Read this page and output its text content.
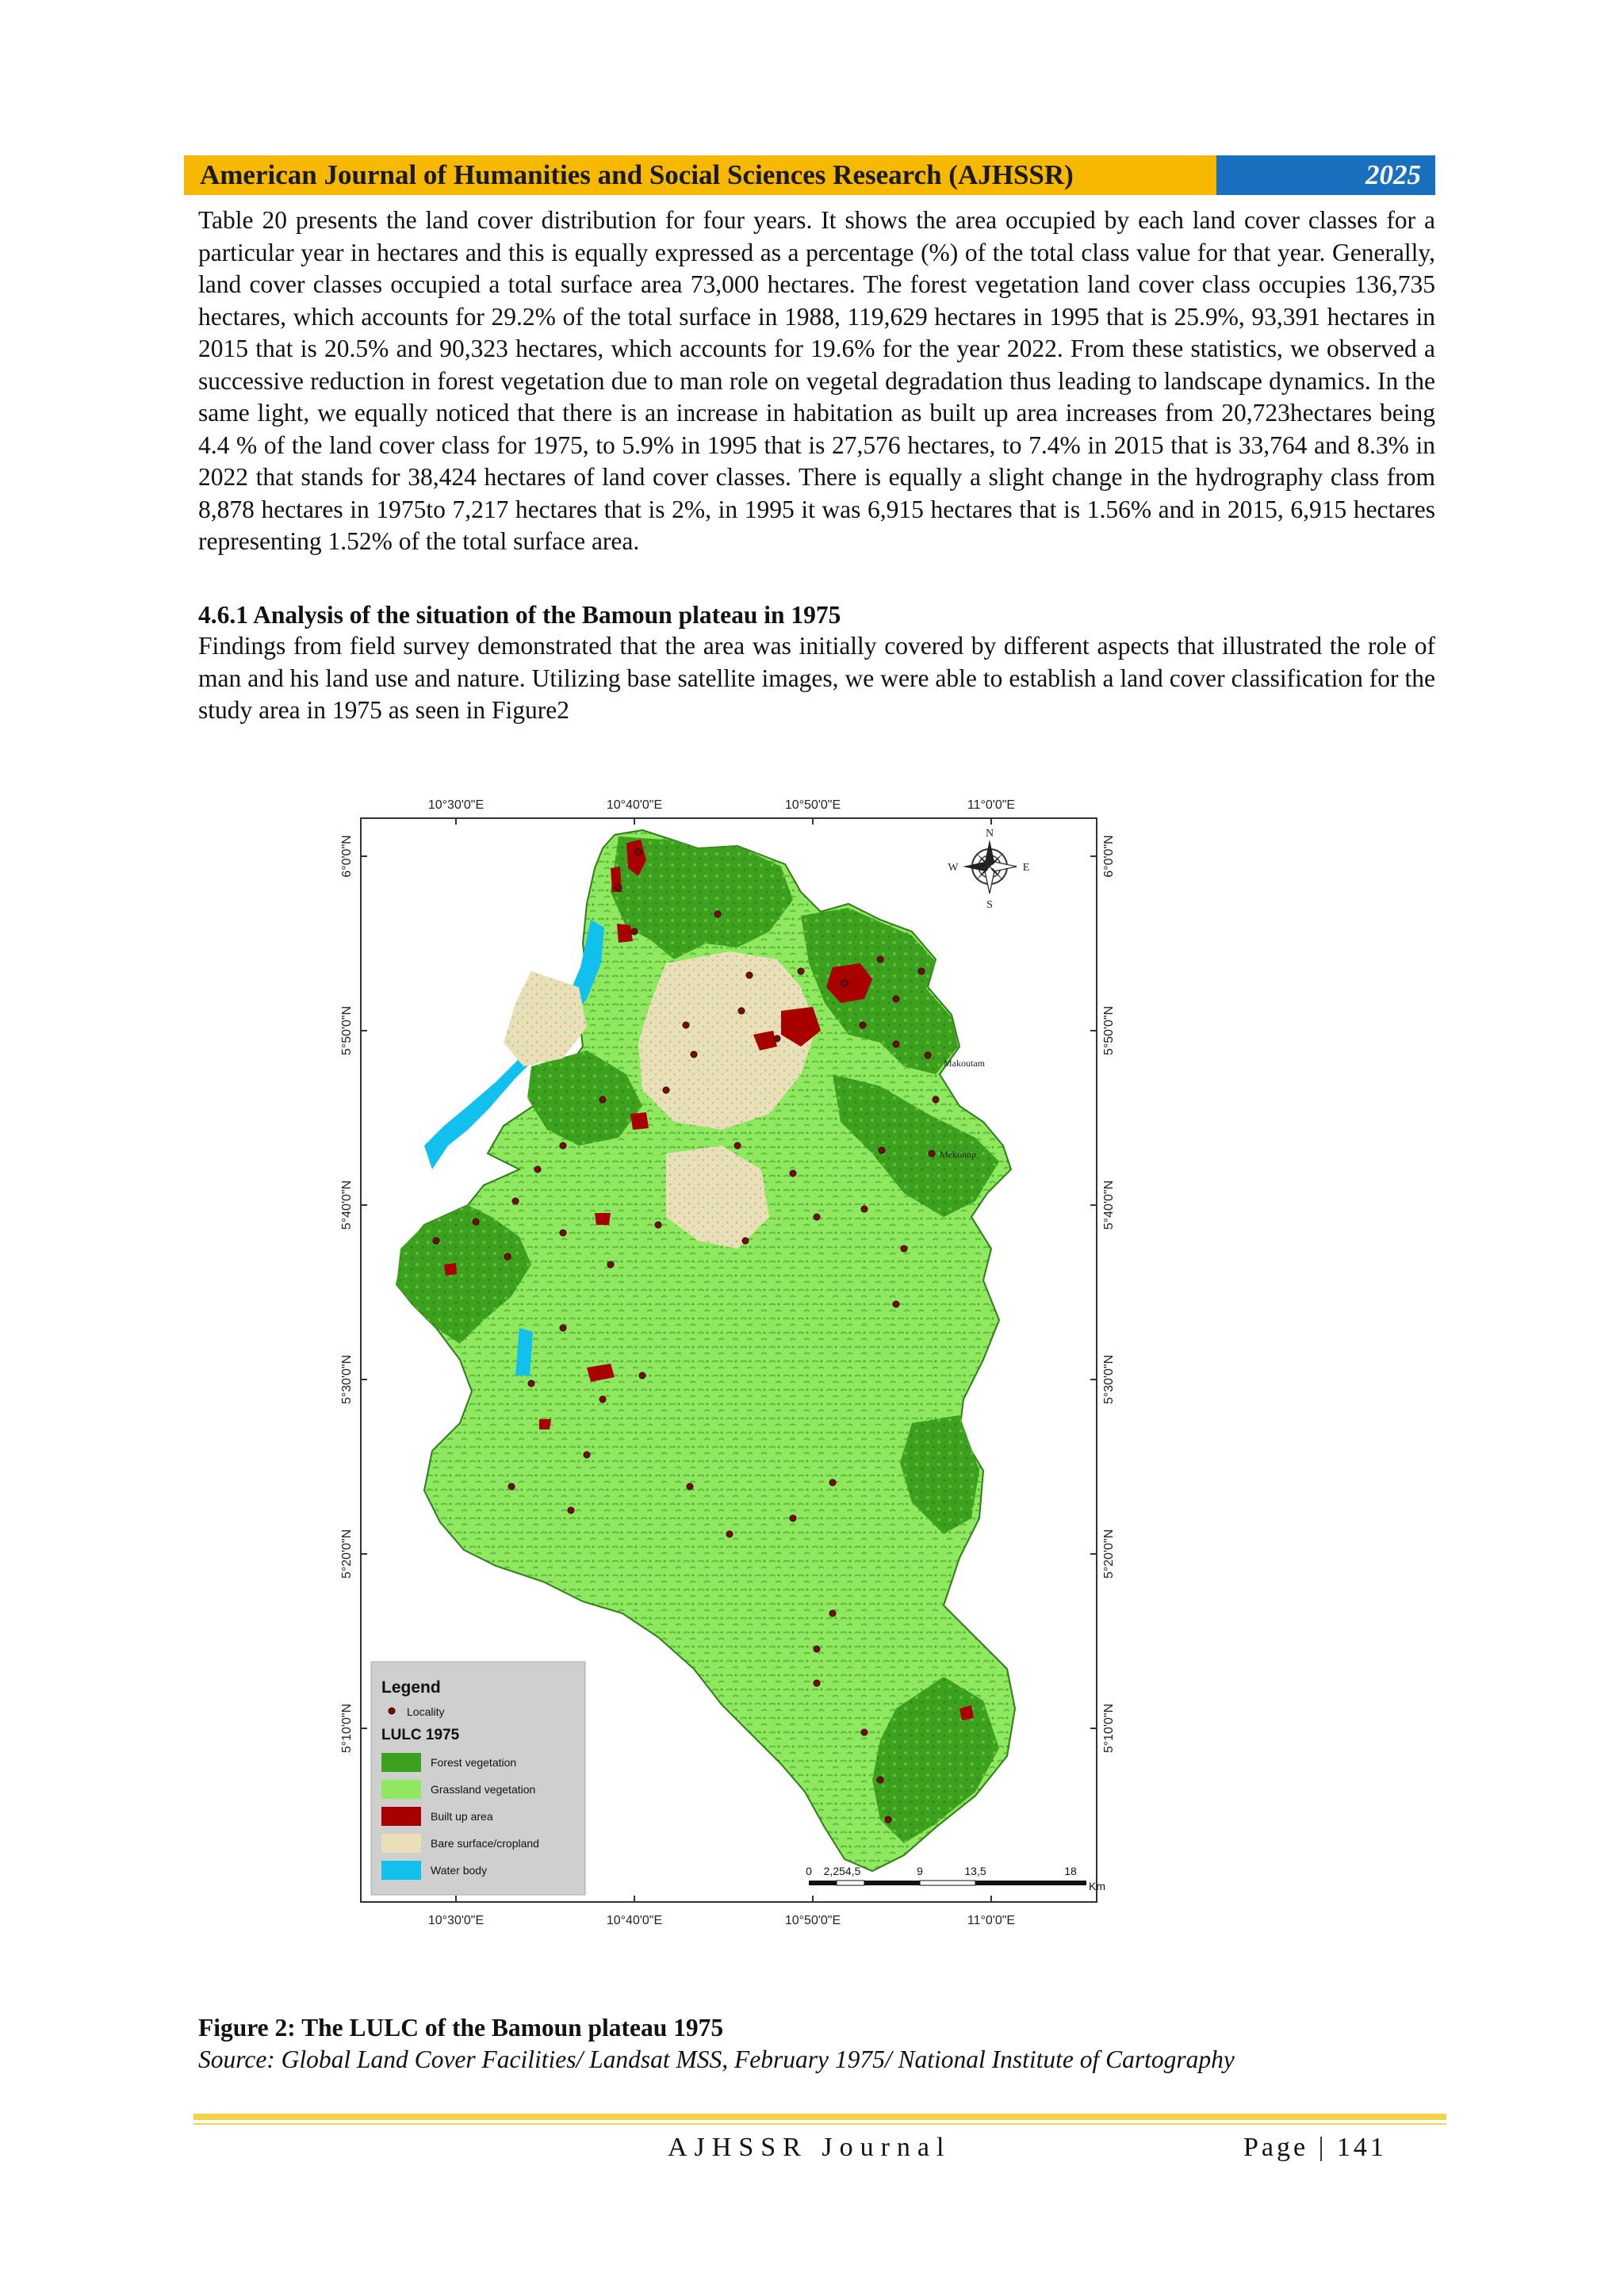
American Journal of Humanities and Social Sciences Research (AJHSSR)	2025
Table 20 presents the land cover distribution for four years. It shows the area occupied by each land cover classes for a particular year in hectares and this is equally expressed as a percentage (%) of the total class value for that year. Generally, land cover classes occupied a total surface area 73,000 hectares. The forest vegetation land cover class occupies 136,735 hectares, which accounts for 29.2% of the total surface in 1988, 119,629 hectares in 1995 that is 25.9%, 93,391 hectares in 2015 that is 20.5% and 90,323 hectares, which accounts for 19.6% for the year 2022. From these statistics, we observed a successive reduction in forest vegetation due to man role on vegetal degradation thus leading to landscape dynamics. In the same light, we equally noticed that there is an increase in habitation as built up area increases from 20,723hectares being 4.4 % of the land cover class for 1975, to 5.9% in 1995 that is 27,576 hectares, to 7.4% in 2015 that is 33,764 and 8.3% in 2022 that stands for 38,424 hectares of land cover classes. There is equally a slight change in the hydrography class from 8,878 hectares in 1975to 7,217 hectares that is 2%, in 1995 it was 6,915 hectares that is 1.56% and in 2015, 6,915 hectares representing 1.52% of the total surface area.
4.6.1 Analysis of the situation of the Bamoun plateau in 1975
Findings from field survey demonstrated that the area was initially covered by different aspects that illustrated the role of man and his land use and nature. Utilizing base satellite images, we were able to establish a land cover classification for the study area in 1975 as seen in Figure2
10°30'0"E	10°40'0"E	10°50'0"E	11°0'0"E
10°30'0"E	10°40'0"E	10°50'0"E	11°0'0"E
6°0'0"N
5°50'0"N
5°40'0"N
5°30'0"N
5°20'0"N
5°10'0"N
6°0'0"N
5°50'0"N
5°40'0"N
5°30'0"N
5°20'0"N
5°10'0"N
Makoutam
Mekonop
N
S
E
W
Legend
Locality
LULC 1975
Forest vegetation
Grassland vegetation
Built up area
Bare surface/cropland
Water body	0 2,254,5	9	13,5	18
Km
Figure 2: The LULC of the Bamoun plateau 1975
Source: Global Land Cover Facilities/ Landsat MSS, February 1975/ National Institute of Cartography
AJHSSR Journal	Page | 141
